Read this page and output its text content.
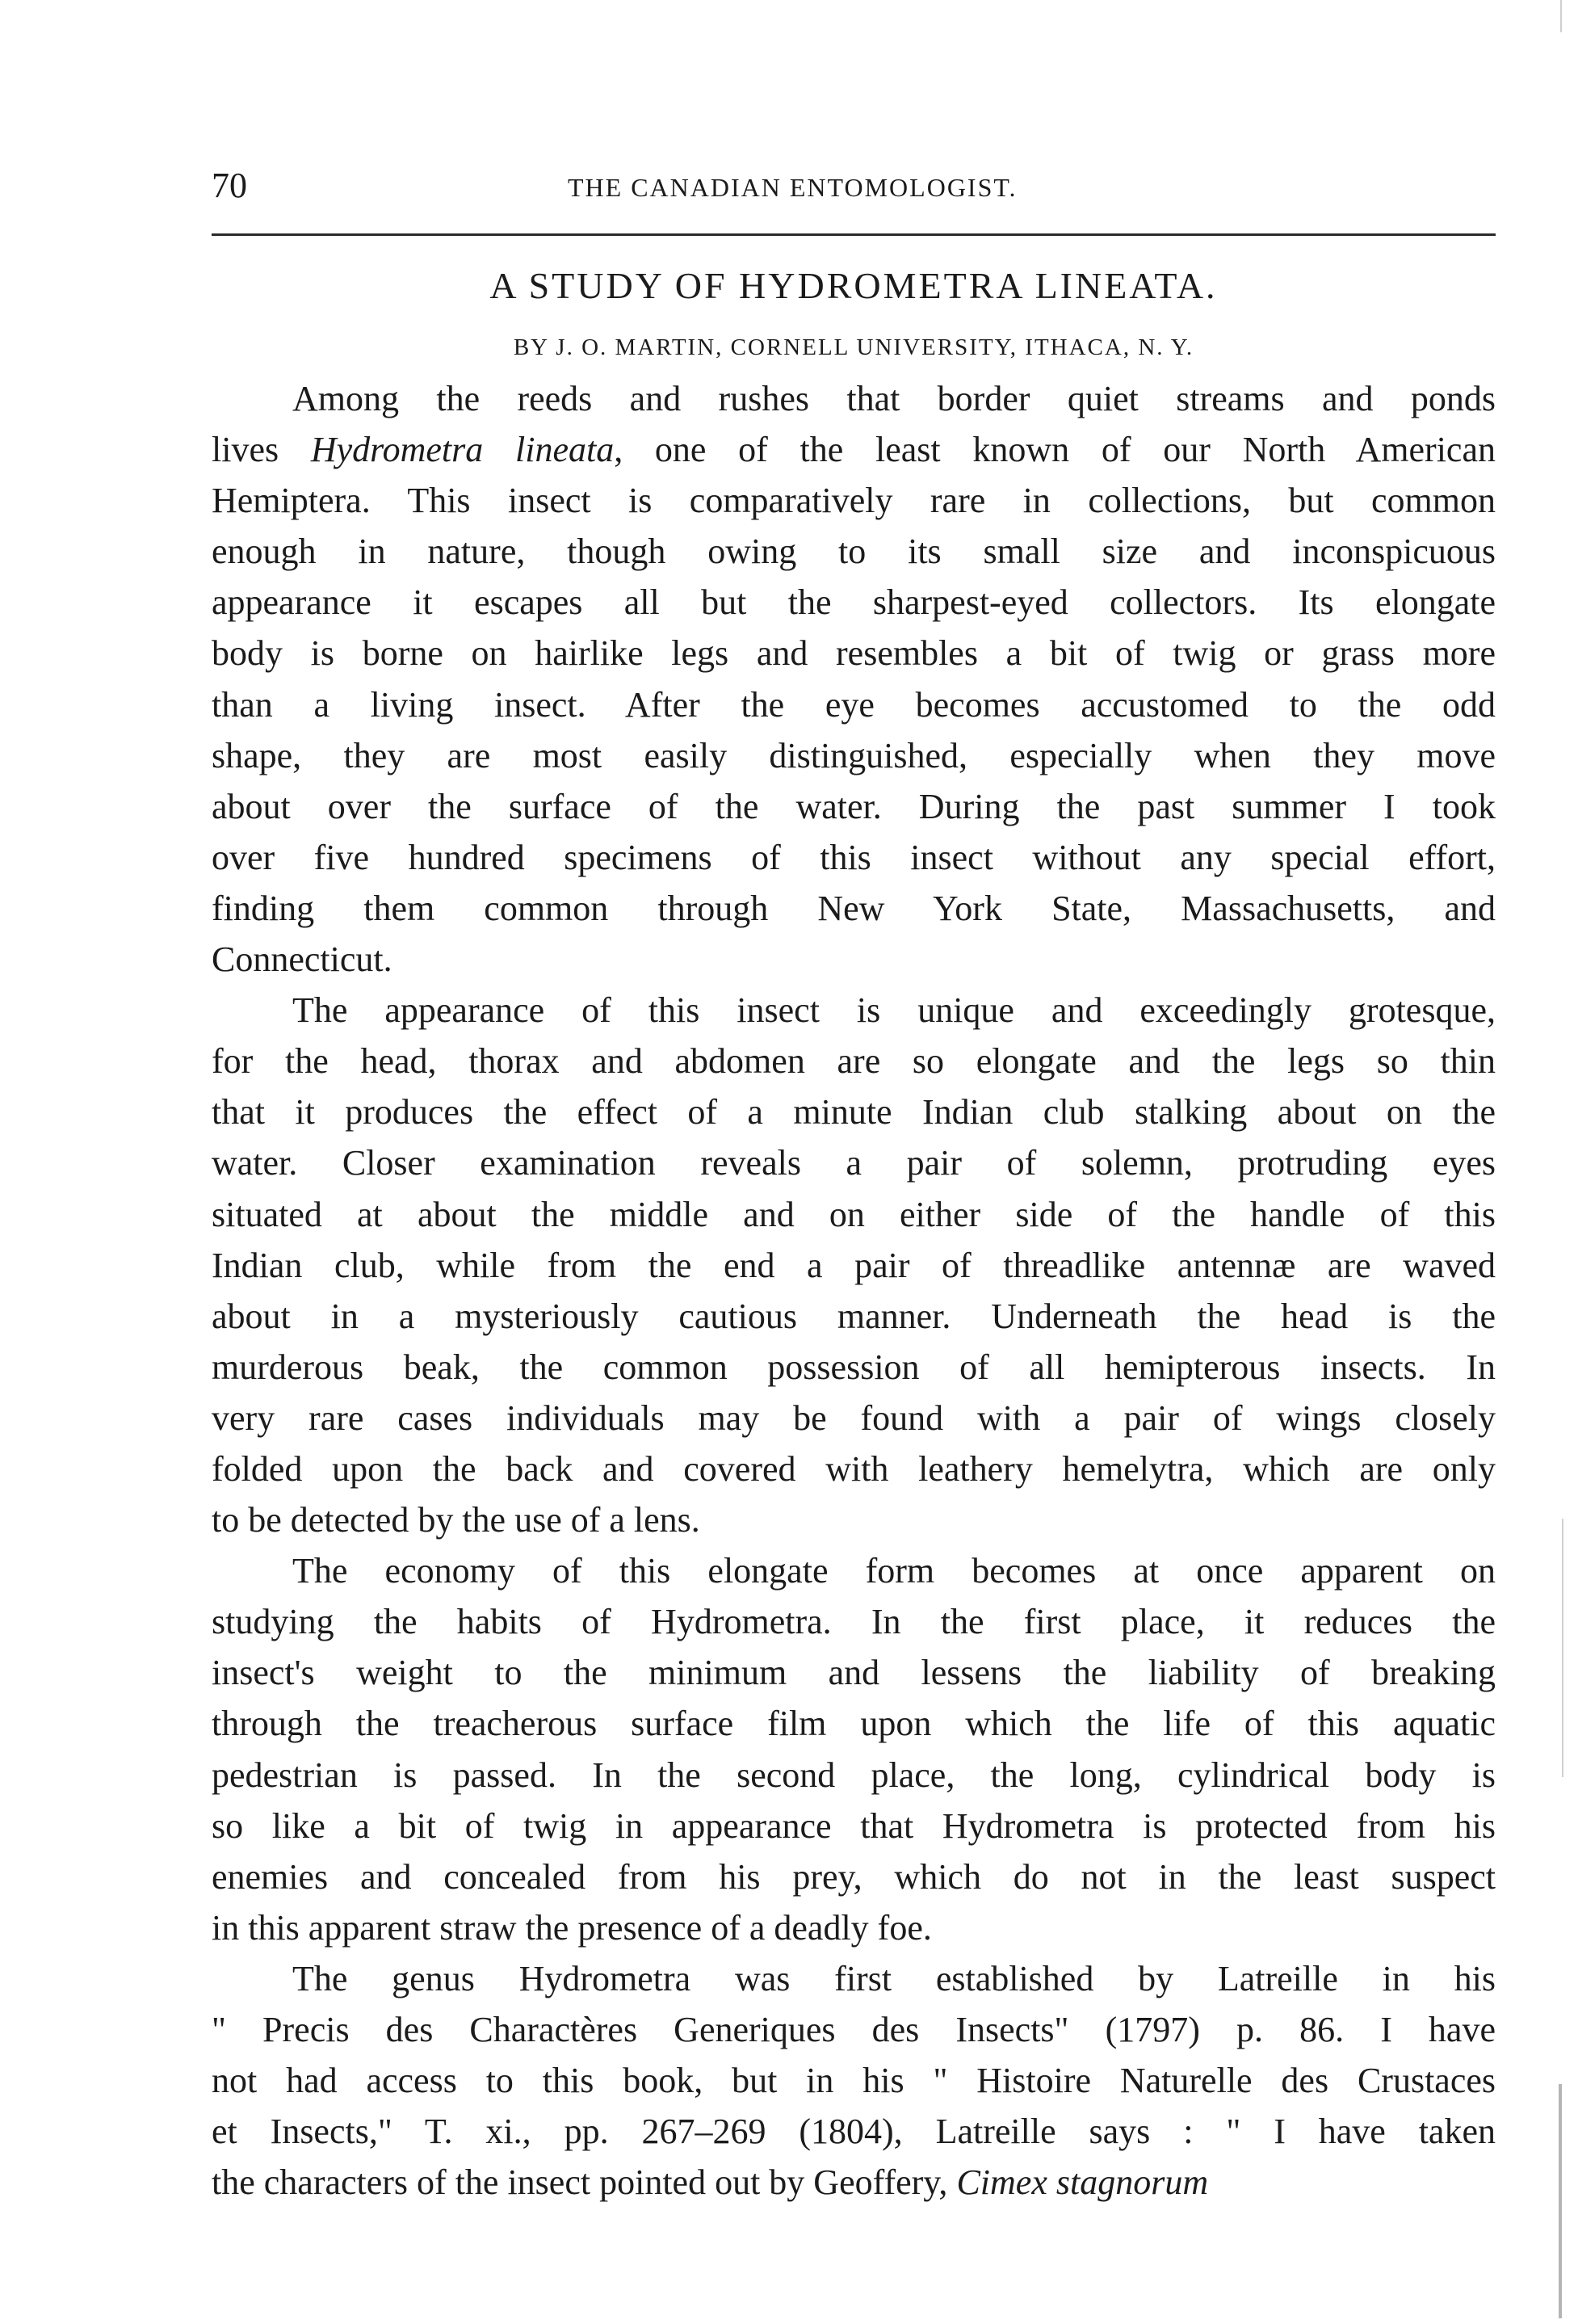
70	THE CANADIAN ENTOMOLOGIST.
A STUDY OF HYDROMETRA LINEATA.
BY J. O. MARTIN, CORNELL UNIVERSITY, ITHACA, N. Y.
Among the reeds and rushes that border quiet streams and ponds
lives Hydrometra lineata, one of the least known of our North American
Hemiptera. This insect is comparatively rare in collections, but common
enough in nature, though owing to its small size and inconspicuous
appearance it escapes all but the sharpest-eyed collectors. Its elongate
body is borne on hairlike legs and resembles a bit of twig or grass more
than a living insect. After the eye becomes accustomed to the odd
shape, they are most easily distinguished, especially when they move
about over the surface of the water. During the past summer I took
over five hundred specimens of this insect without any special effort,
finding them common through New York State, Massachusetts, and
Connecticut.
The appearance of this insect is unique and exceedingly grotesque,
for the head, thorax and abdomen are so elongate and the legs so thin
that it produces the effect of a minute Indian club stalking about on the
water. Closer examination reveals a pair of solemn, protruding eyes
situated at about the middle and on either side of the handle of this
Indian club, while from the end a pair of threadlike antennæ are waved
about in a mysteriously cautious manner. Underneath the head is the
murderous beak, the common possession of all hemipterous insects. In
very rare cases individuals may be found with a pair of wings closely
folded upon the back and covered with leathery hemelytra, which are only
to be detected by the use of a lens.
The economy of this elongate form becomes at once apparent on
studying the habits of Hydrometra. In the first place, it reduces the
insect's weight to the minimum and lessens the liability of breaking
through the treacherous surface film upon which the life of this aquatic
pedestrian is passed. In the second place, the long, cylindrical body is
so like a bit of twig in appearance that Hydrometra is protected from his
enemies and concealed from his prey, which do not in the least suspect
in this apparent straw the presence of a deadly foe.
The genus Hydrometra was first established by Latreille in his
" Precis des Charactères Generiques des Insects" (1797) p. 86. I have
not had access to this book, but in his " Histoire Naturelle des Crustaces
et Insects," T. xi., pp. 267–269 (1804), Latreille says : " I have taken
the characters of the insect pointed out by Geoffery, Cimex stagnorum
